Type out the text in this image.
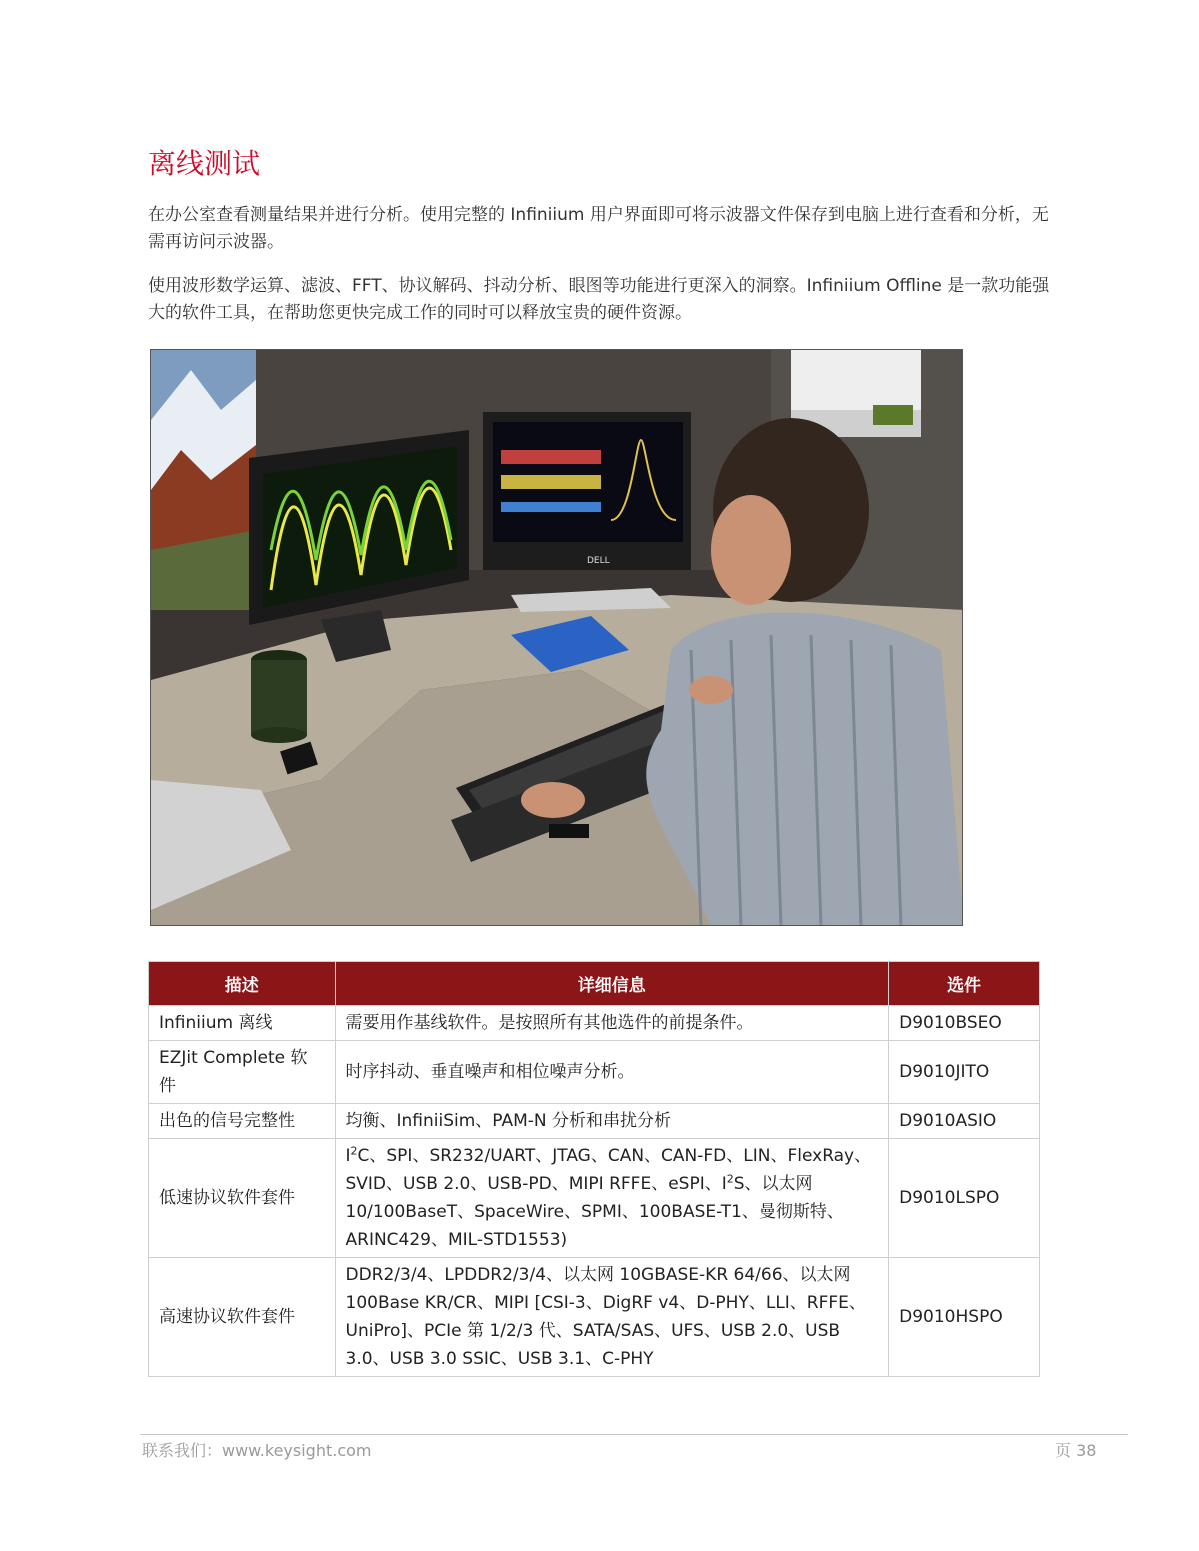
离线测试

在办公室查看测量结果并进行分析。使用完整的 Infiniium 用户界面即可将示波器文件保存到电脑上进行查看和分析，无需再访问示波器。

使用波形数学运算、滤波、FFT、协议解码、抖动分析、眼图等功能进行更深入的洞察。Infiniium Offline 是一款功能强大的软件工具，在帮助您更快完成工作的同时可以释放宝贵的硬件资源。

DELL
描述	详细信息	选件
Infiniium 离线	需要用作基线软件。是按照所有其他选件的前提条件。	D9010BSEO
EZJit Complete 软件	时序抖动、垂直噪声和相位噪声分析。	D9010JITO
出色的信号完整性	均衡、InfiniiSim、PAM-N 分析和串扰分析	D9010ASIO
低速协议软件套件	$I^2C$、SPI、SR232/UART、JTAG、CAN、CAN-FD、LIN、FlexRay、SVID、USB 2.0、USB-PD、MIPI RFFE、eSPI、$I^2S$、以太网 10/100BaseT、SpaceWire、SPMI、100BASE-T1、曼彻斯特、ARINC429、MIL-STD1553)	D9010LSPO
高速协议软件套件	DDR2/3/4、LPDDR2/3/4、以太网 10GBASE-KR 64/66、以太网 100Base KR/CR、MIPI [CSI-3、DigRF v4、D-PHY、LLI、RFFE、UniPro]、PCIe 第 1/2/3 代、SATA/SAS、UFS、USB 2.0、USB 3.0、USB 3.0 SSIC、USB 3.1、C-PHY	D9010HSPO
联系我们：www.keysight.com	页 38
